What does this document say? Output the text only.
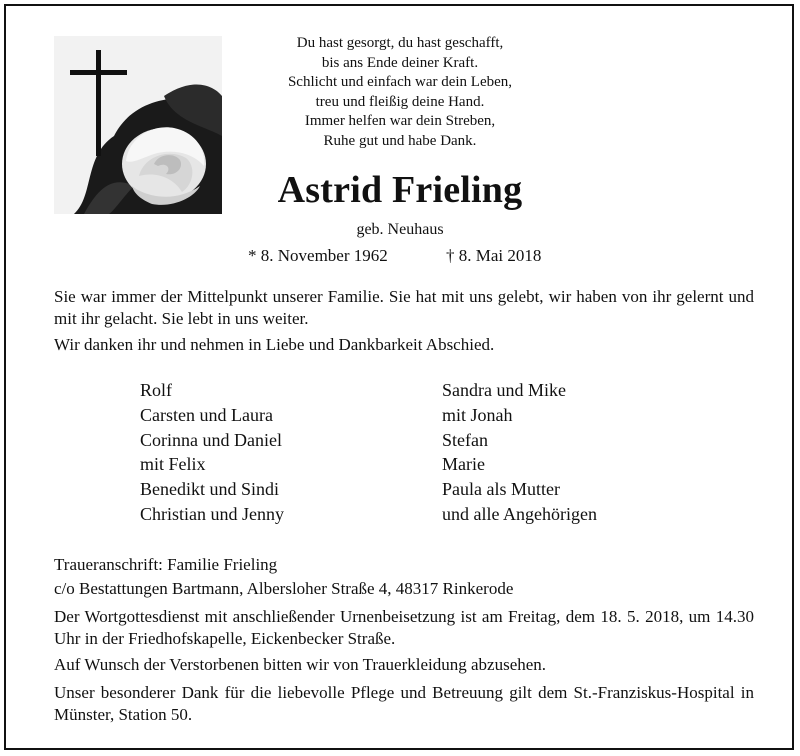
Du hast gesorgt, du hast geschafft,
bis ans Ende deiner Kraft.
Schlicht und einfach war dein Leben,
treu und fleißig deine Hand.
Immer helfen war dein Streben,
Ruhe gut und habe Dank.
Astrid Frieling
geb. Neuhaus
* 8. November 1962	† 8. Mai 2018
Sie war immer der Mittelpunkt unserer Familie. Sie hat mit uns gelebt, wir haben von ihr gelernt und mit ihr gelacht. Sie lebt in uns weiter.
Wir danken ihr und nehmen in Liebe und Dankbarkeit Abschied.
Rolf
Carsten und Laura
Corinna und Daniel
mit Felix
Benedikt und Sindi
Christian und Jenny
Sandra und Mike
mit Jonah
Stefan
Marie
Paula als Mutter
und alle Angehörigen
Traueranschrift: Familie Frieling
c/o Bestattungen Bartmann, Albersloher Straße 4, 48317 Rinkerode
Der Wortgottesdienst mit anschließender Urnenbeisetzung ist am Freitag, dem 18. 5. 2018, um 14.30 Uhr in der Friedhofskapelle, Eickenbecker Straße.
Auf Wunsch der Verstorbenen bitten wir von Trauerkleidung abzusehen.
Unser besonderer Dank für die liebevolle Pflege und Betreuung gilt dem St.-Franziskus-Hospital in Münster, Station 50.
